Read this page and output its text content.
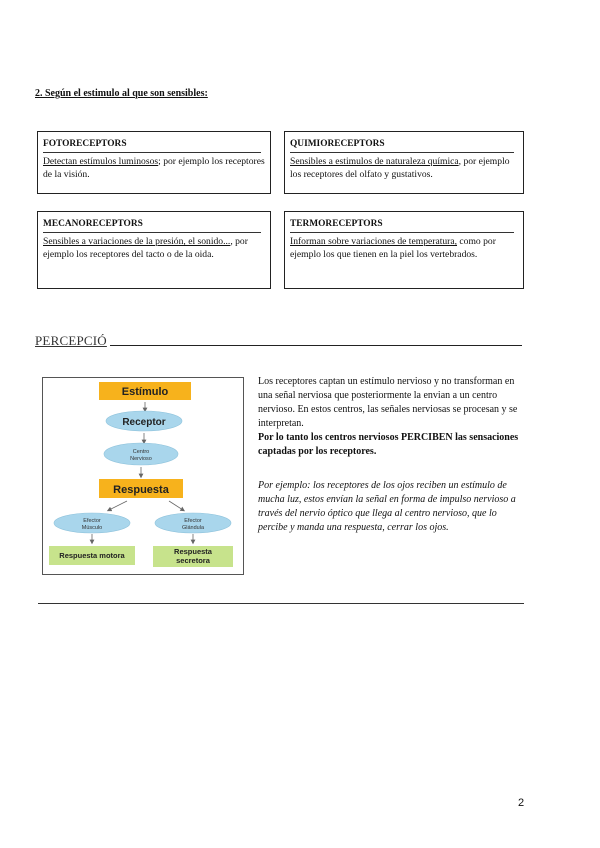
2. Según el estimulo al que son sensibles:
FOTORECEPTORS
Detectan estímulos luminosos; por ejemplo los receptores de la visión.
QUIMIORECEPTORS
Sensibles a estimulos de naturaleza química, por ejemplo los receptores del olfato y gustativos.
MECANORECEPTORS
Sensibles a variaciones de la presión, el sonido..., por ejemplo los receptores del tacto o de la oida.
TERMORECEPTORS
Informan sobre variaciones de temperatura, como por ejemplo los que tienen en la piel los vertebrados.
PERCEPCIÓ
Estímulo
Receptor
Centro
Nervioso
Respuesta
Efector
Músculo
Efector
Glándula
Respuesta motora	Respuesta
secretora
Los receptores captan un estímulo nervioso y no transforman en una señal nerviosa que posteriormente la envian a un centro nervioso. En estos centros, las señales nerviosas se procesan y se interpretan.
Por lo tanto los centros nerviosos PERCIBEN las sensaciones captadas por los receptores.
Por ejemplo: los receptores de los ojos reciben un estímulo de mucha luz, estos envían la señal en forma de impulso nervioso a través del nervio óptico que llega al centro nervioso, que lo percibe y manda una respuesta, cerrar los ojos.
2
